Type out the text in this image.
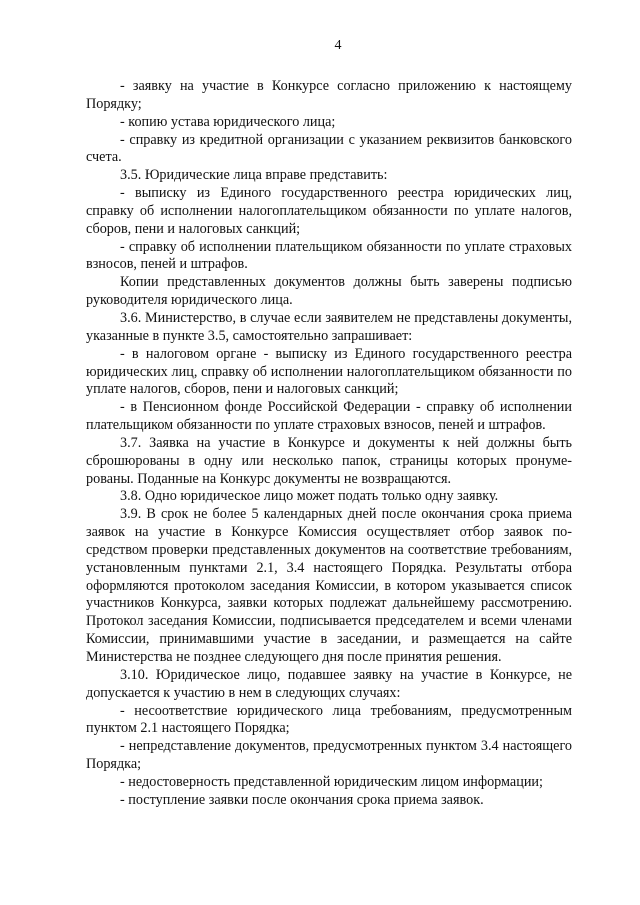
4

- заявку на участие в Конкурсе согласно приложению к настоящему Порядку;

- копию устава юридического лица;

- справку из кредитной организации с указанием реквизитов банковского счета.

3.5. Юридические лица вправе представить:

- выписку из Единого государственного реестра юридических лиц, справку об исполнении налогоплательщиком обязанности по уплате налогов, сборов, пени и налоговых санкций;

- справку об исполнении плательщиком обязанности по уплате страховых взносов, пеней и штрафов.

Копии представленных документов должны быть заверены подписью руководителя юридического лица.

3.6. Министерство, в случае если заявителем не представлены документы, указанные в пункте 3.5, самостоятельно запрашивает:

- в налоговом органе - выписку из Единого государственного реестра юридических лиц, справку об исполнении налогоплательщиком обязанности по уплате налогов, сборов, пени и налоговых санкций;

- в Пенсионном фонде Российской Федерации - справку об исполнении плательщиком обязанности по уплате страховых взносов, пеней и штрафов.

3.7. Заявка на участие в Конкурсе и документы к ней должны быть сброшюрованы в одну или несколько папок, страницы которых пронумерованы. Поданные на Конкурс документы не возвращаются.

3.8. Одно юридическое лицо может подать только одну заявку.

3.9. В срок не более 5 календарных дней после окончания срока приема заявок на участие в Конкурсе Комиссия осуществляет отбор заявок посредством проверки представленных документов на соответствие требованиям, установленным пунктами 2.1, 3.4 настоящего Порядка. Результаты отбора оформляются протоколом заседания Комиссии, в котором указывается список участников Конкурса, заявки которых подлежат дальнейшему рассмотрению. Протокол заседания Комиссии, подписывается председателем и всеми членами Комиссии, принимавшими участие в заседании, и размещается на сайте Министерства не позднее следующего дня после принятия решения.

3.10. Юридическое лицо, подавшее заявку на участие в Конкурсе, не допускается к участию в нем в следующих случаях:

- несоответствие юридического лица требованиям, предусмотренным пунктом 2.1 настоящего Порядка;

- непредставление документов, предусмотренных пунктом 3.4 настоящего Порядка;

- недостоверность представленной юридическим лицом информации;

- поступление заявки после окончания срока приема заявок.
